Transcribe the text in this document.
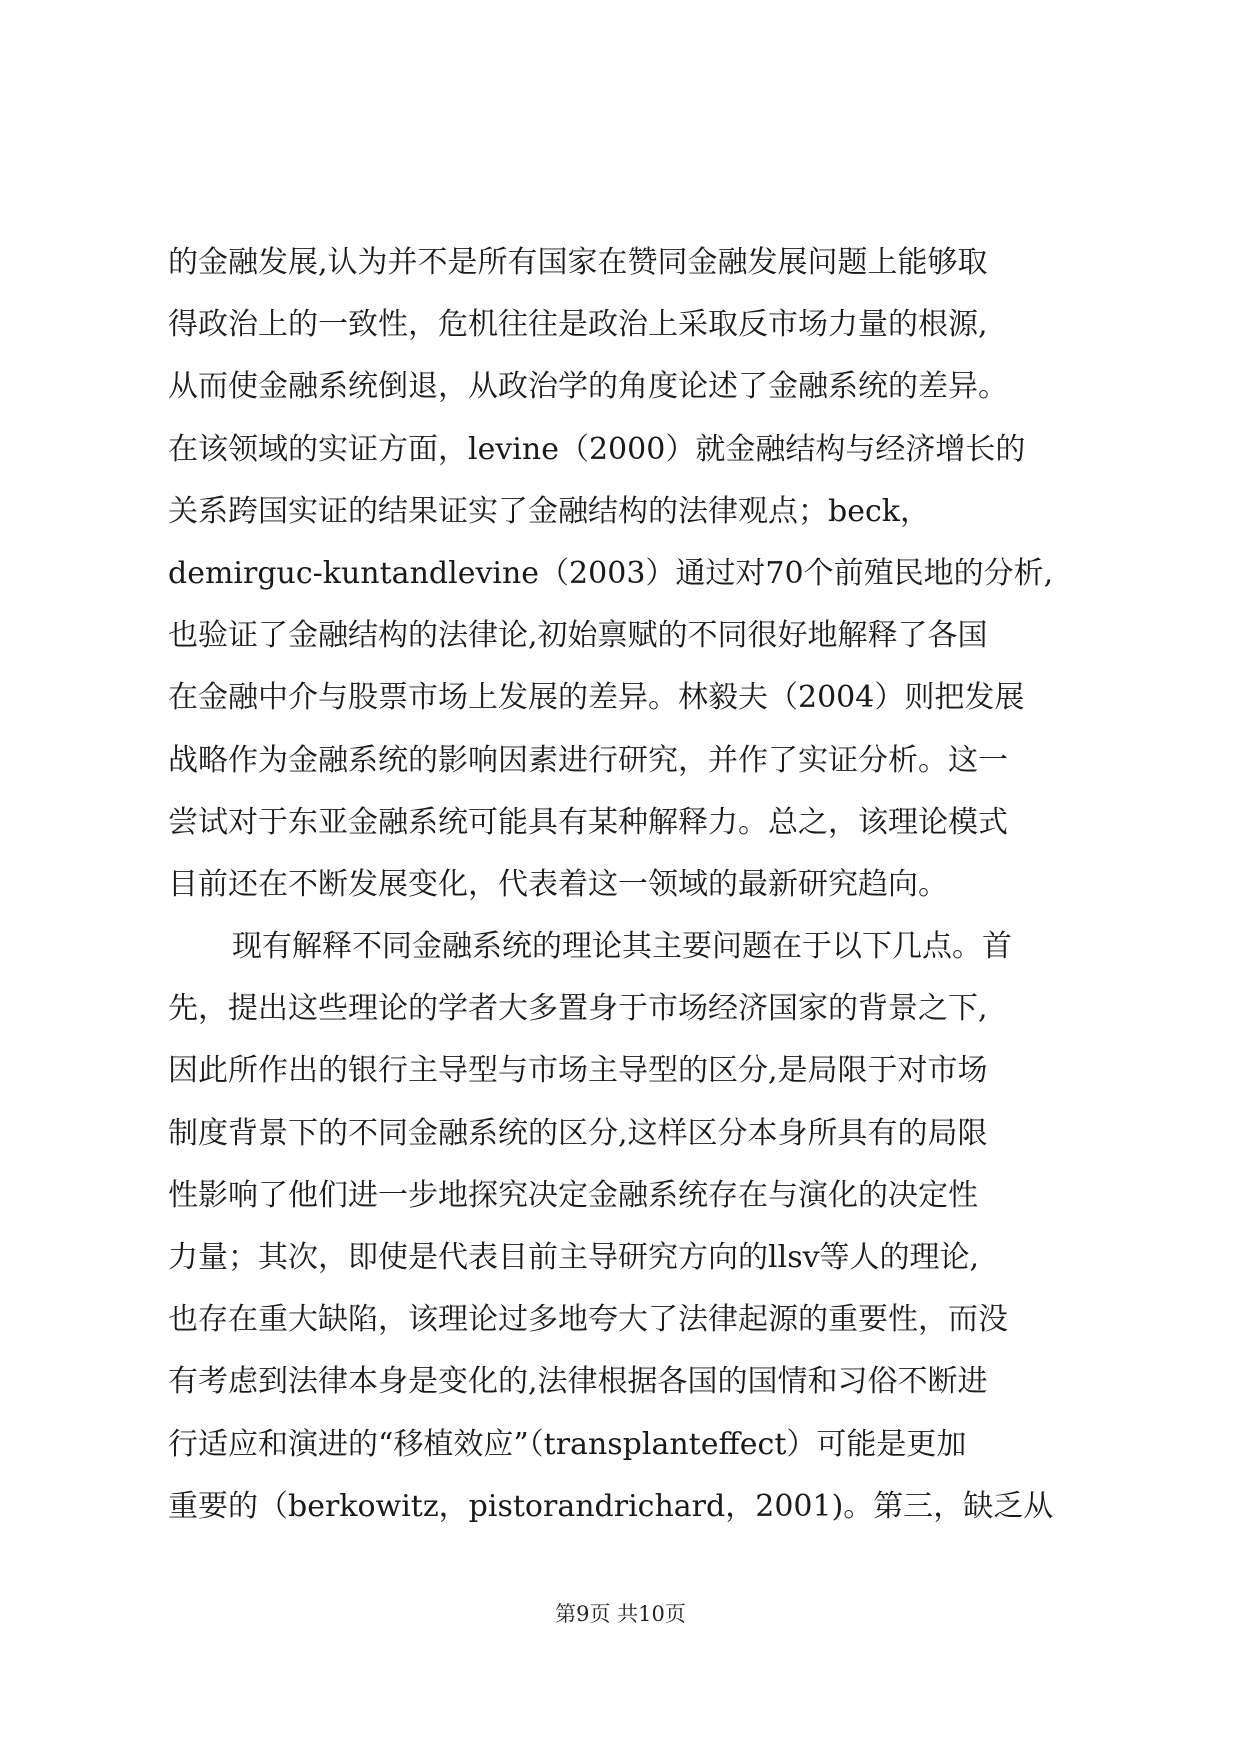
的金融发展,认为并不是所有国家在赞同金融发展问题上能够取
得政治上的一致性，危机往往是政治上采取反市场力量的根源,
从而使金融系统倒退，从政治学的角度论述了金融系统的差异。
在该领域的实证方面，levine（2000）就金融结构与经济增长的
关系跨国实证的结果证实了金融结构的法律观点；beck，
demirguc-kuntandlevine（2003）通过对70个前殖民地的分析,
也验证了金融结构的法律论,初始禀赋的不同很好地解释了各国
在金融中介与股票市场上发展的差异。林毅夫（2004）则把发展
战略作为金融系统的影响因素进行研究，并作了实证分析。这一
尝试对于东亚金融系统可能具有某种解释力。总之，该理论模式
目前还在不断发展变化，代表着这一领域的最新研究趋向。
现有解释不同金融系统的理论其主要问题在于以下几点。首
先，提出这些理论的学者大多置身于市场经济国家的背景之下,
因此所作出的银行主导型与市场主导型的区分,是局限于对市场
制度背景下的不同金融系统的区分,这样区分本身所具有的局限
性影响了他们进一步地探究决定金融系统存在与演化的决定性
力量；其次，即使是代表目前主导研究方向的llsv等人的理论,
也存在重大缺陷，该理论过多地夸大了法律起源的重要性，而没
有考虑到法律本身是变化的,法律根据各国的国情和习俗不断进
行适应和演进的“移植效应”（transplanteffect）可能是更加
重要的（berkowitz，pistorandrichard，2001)。第三，缺乏从
第9页 共10页
